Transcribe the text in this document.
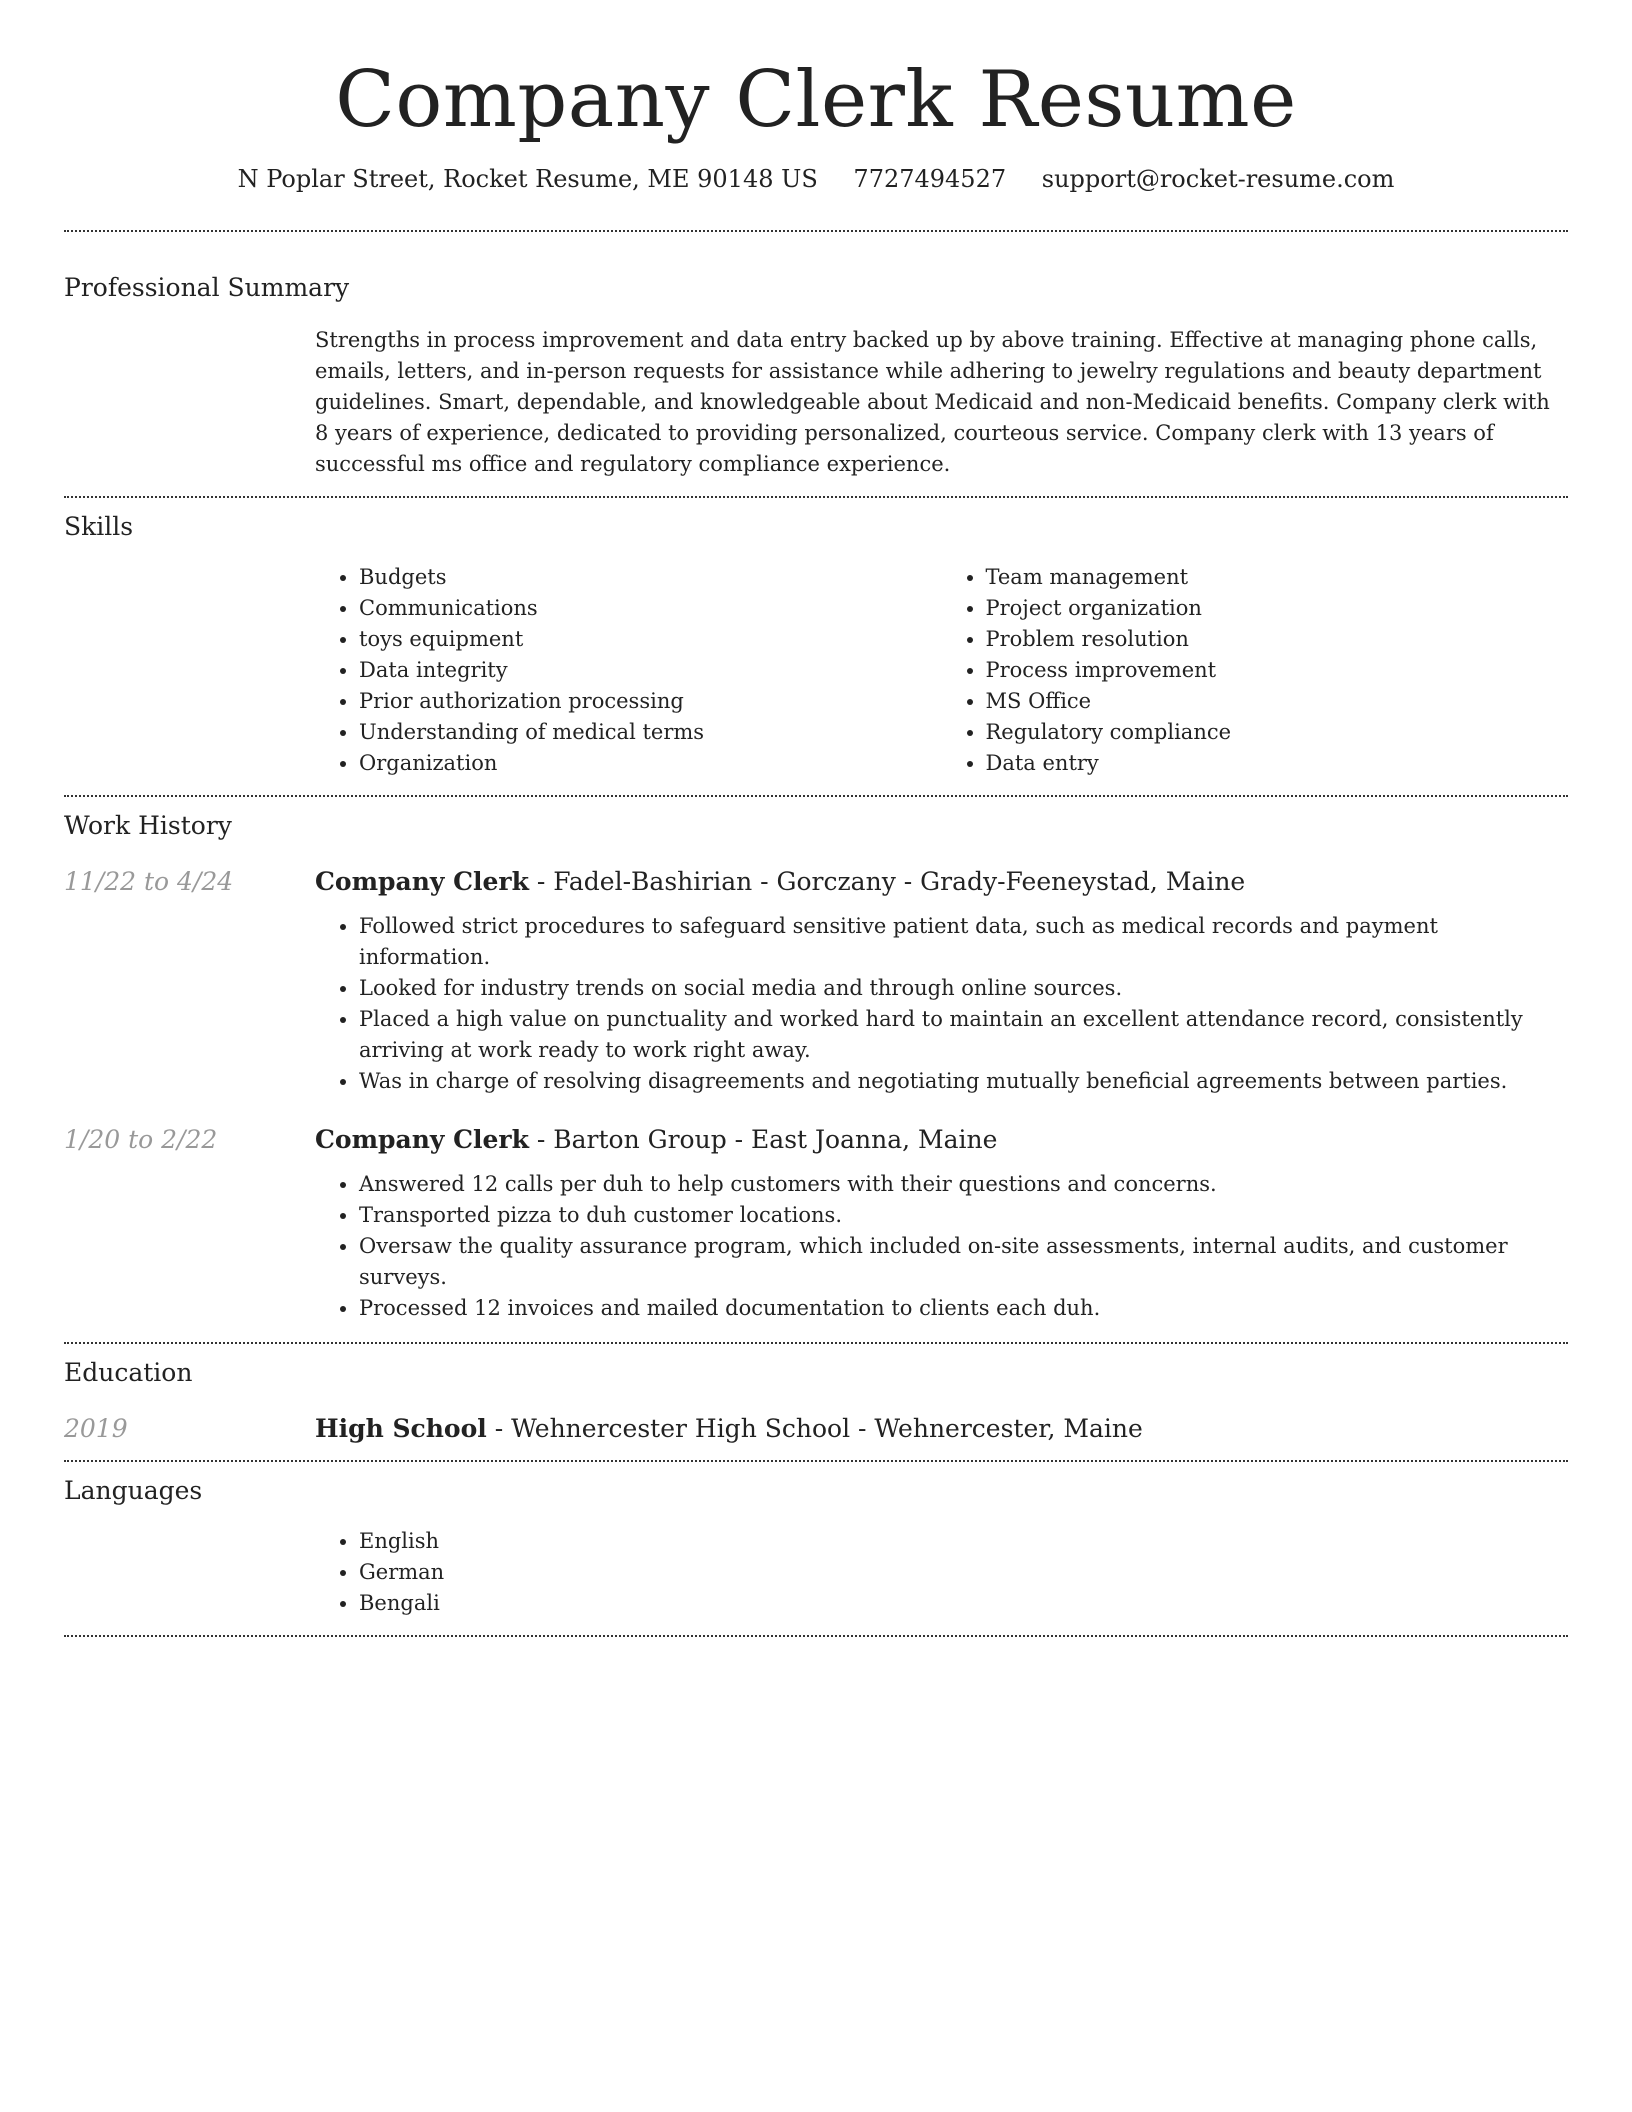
Company Clerk Resume
N Poplar Street, Rocket Resume, ME 90148 US 7727494527 support@rocket-resume.com
Professional Summary

Strengths in process improvement and data entry backed up by above training. Effective at managing phone calls, emails, letters, and in-person requests for assistance while adhering to jewelry regulations and beauty department guidelines. Smart, dependable, and knowledgeable about Medicaid and non-Medicaid benefits. Company clerk with 8 years of experience, dedicated to providing personalized, courteous service. Company clerk with 13 years of successful ms office and regulatory compliance experience.

Skills
• Budgets
• Communications
• toys equipment
• Data integrity
• Prior authorization processing
• Understanding of medical terms
• Organization
• Team management
• Project organization
• Problem resolution
• Process improvement
• MS Office
• Regulatory compliance
• Data entry
Work History
11/22 to 4/24	Company Clerk - Fadel-Bashirian - Gorczany - Grady-Feeneystad, Maine
• Followed strict procedures to safeguard sensitive patient data, such as medical records and payment information.
• Looked for industry trends on social media and through online sources.
• Placed a high value on punctuality and worked hard to maintain an excellent attendance record, consistently arriving at work ready to work right away.
• Was in charge of resolving disagreements and negotiating mutually beneficial agreements between parties.
1/20 to 2/22	Company Clerk - Barton Group - East Joanna, Maine
• Answered 12 calls per duh to help customers with their questions and concerns.
• Transported pizza to duh customer locations.
• Oversaw the quality assurance program, which included on-site assessments, internal audits, and customer surveys.
• Processed 12 invoices and mailed documentation to clients each duh.
Education
2019	High School - Wehnercester High School - Wehnercester, Maine
Languages
• English
• German
• Bengali
